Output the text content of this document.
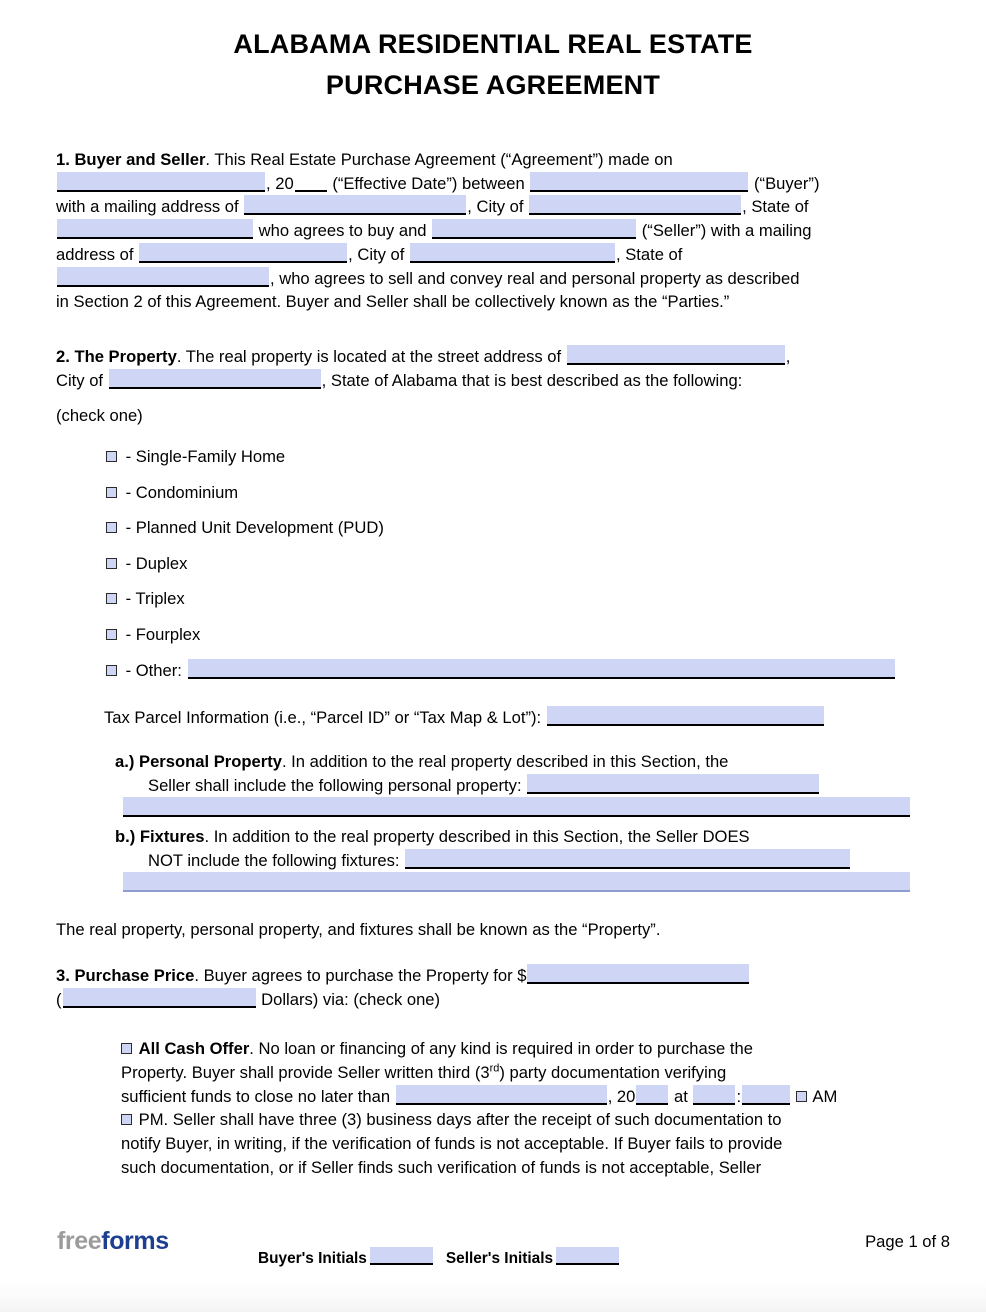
ALABAMA RESIDENTIAL REAL ESTATE
PURCHASE AGREEMENT

1. Buyer and Seller. This Real Estate Purchase Agreement (“Agreement”) made on
, 20 (“Effective Date”) between	(“Buyer”)
with a mailing address of	, City of	, State of
who agrees to buy and	(“Seller”) with a mailing
address of	, City of	, State of
, who agrees to sell and convey real and personal property as described
in Section 2 of this Agreement. Buyer and Seller shall be collectively known as the “Parties.”

2. The Property. The real property is located at the street address of	,
City of	, State of Alabama that is best described as the following:

(check one)

- Single-Family Home
- Condominium
- Planned Unit Development (PUD)
- Duplex
- Triplex
- Fourplex
- Other:
Tax Parcel Information (i.e., “Parcel ID” or “Tax Map & Lot”):
a.) Personal Property. In addition to the real property described in this Section, the
Seller shall include the following personal property:
b.) Fixtures. In addition to the real property described in this Section, the Seller DOES
NOT include the following fixtures:

The real property, personal property, and fixtures shall be known as the “Property”.

3. Purchase Price. Buyer agrees to purchase the Property for $
(	Dollars) via: (check one)

All Cash Offer. No loan or financing of any kind is required in order to purchase the
Property. Buyer shall provide Seller written third (3rd) party documentation verifying
sufficient funds to close no later than	, 20 at	:	AM
PM. Seller shall have three (3) business days after the receipt of such documentation to
notify Buyer, in writing, if the verification of funds is not acceptable. If Buyer fails to provide
such documentation, or if Seller finds such verification of funds is not acceptable, Seller
freeforms
Buyer's Initials	Seller's Initials
Page 1 of 8
